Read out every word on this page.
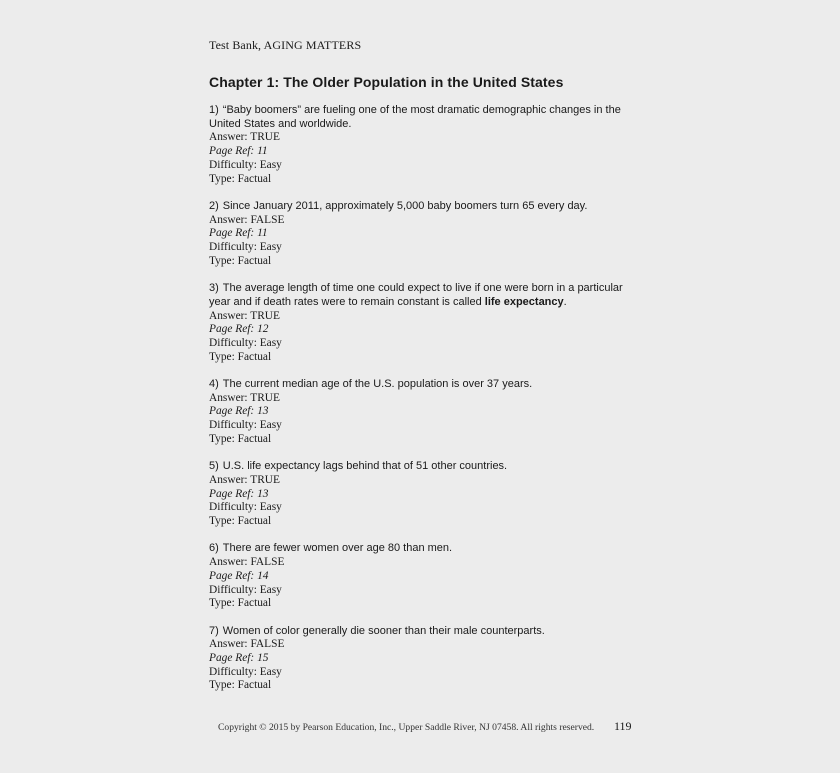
Test Bank, AGING MATTERS
Chapter 1: The Older Population in the United States
1) “Baby boomers” are fueling one of the most dramatic demographic changes in the United States and worldwide.
Answer: TRUE
Page Ref: 11
Difficulty: Easy
Type: Factual
2) Since January 2011, approximately 5,000 baby boomers turn 65 every day.
Answer: FALSE
Page Ref: 11
Difficulty: Easy
Type: Factual
3) The average length of time one could expect to live if one were born in a particular year and if death rates were to remain constant is called life expectancy.
Answer: TRUE
Page Ref: 12
Difficulty: Easy
Type: Factual
4) The current median age of the U.S. population is over 37 years.
Answer: TRUE
Page Ref: 13
Difficulty: Easy
Type: Factual
5) U.S. life expectancy lags behind that of 51 other countries.
Answer: TRUE
Page Ref: 13
Difficulty: Easy
Type: Factual
6) There are fewer women over age 80 than men.
Answer: FALSE
Page Ref: 14
Difficulty: Easy
Type: Factual
7) Women of color generally die sooner than their male counterparts.
Answer: FALSE
Page Ref: 15
Difficulty: Easy
Type: Factual
Copyright © 2015 by Pearson Education, Inc., Upper Saddle River, NJ 07458. All rights reserved. 119
